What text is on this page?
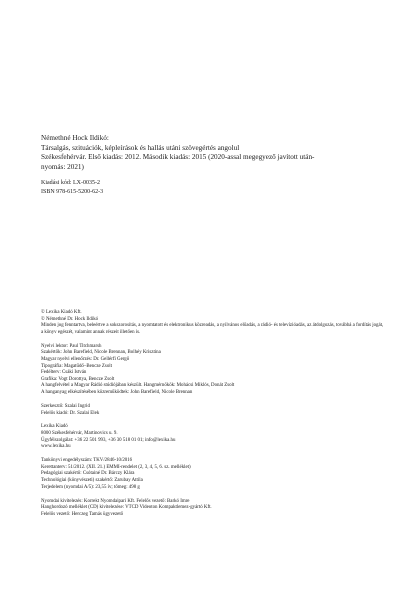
Némethné Hock Ildikó:

Társalgás, szituációk, képleírások és hallás utáni szövegértés angolul

Székesfehérvár. Első kiadás: 2012. Második kiadás: 2015 (2020-assal megegyező javított után-

nyomás: 2021)

Kiadási kód: LX-0035-2

ISBN 978-615-5200-62-3

© Lexika Kiadó Kft.
© Némethné Dr. Hock Ildikó
Minden jog fenntartva, beleértve a sokszorosítás, a nyomtatott és elektronikus közreadás, a nyilvános előadás, a rádió- és televízióadás, az átdolgozás, továbbá a fordítás jogát, a könyv egészét, valamint annak részeit illetően is.
Nyelvi lektor: Paul Titchmarsh
Szakértők: John Barefield, Nicole Brennan, Bolhéy Krisztina
Magyar nyelvi ellenőrzés: Dr. Gellérfi Gergő
Tipográfia: Magatűdő–Bencze Zsolt
Fedélterv: Csáki István
Grafika: Vogt Dorottya, Bencze Zsolt
A hangfelvétel a Magyar Rádió stúdiójában készült. Hangmérnökök: Mohácsi Miklós, Donát Zsolt
A hanganyag elkészítésében közreműködtek: John Barefield, Nicole Brennan
Szerkesztő: Szalai Ingrid
Felelős kiadó: Dr. Szalai Elek
Lexika Kiadó
8000 Székesfehérvár, Martinovics u. 9.
Ügyfélszolgálat: +36 22 501 993, +36 30 518 01 01; info@lexika.hu
www.lexika.hu
Tankönyvi engedélyszám: TKV/2846-10/2016
Kerettanterv: 51/2012. (XII. 21.) EMMI-rendelet (2, 3, 4, 5, 6. sz. melléklet)
Pedagógiai szakértő: Csótainé Dr. Bárczy Klára
Technológiai (könyvészeti) szakértő: Zarubay Attila
Terjedelem (nyomdai A/5): 23,55 ív; tömeg: 498 g
Nyomdai kivitelezés: Korrekt Nyomdaipari Kft. Felelős vezető: Barkó Imre
Hanghordozó melléklet (CD) kivitelezése: VTCD Videoton Kompaktlemez-gyártó Kft.
Felelős vezető: Herczeg Tamás ügyvezető
